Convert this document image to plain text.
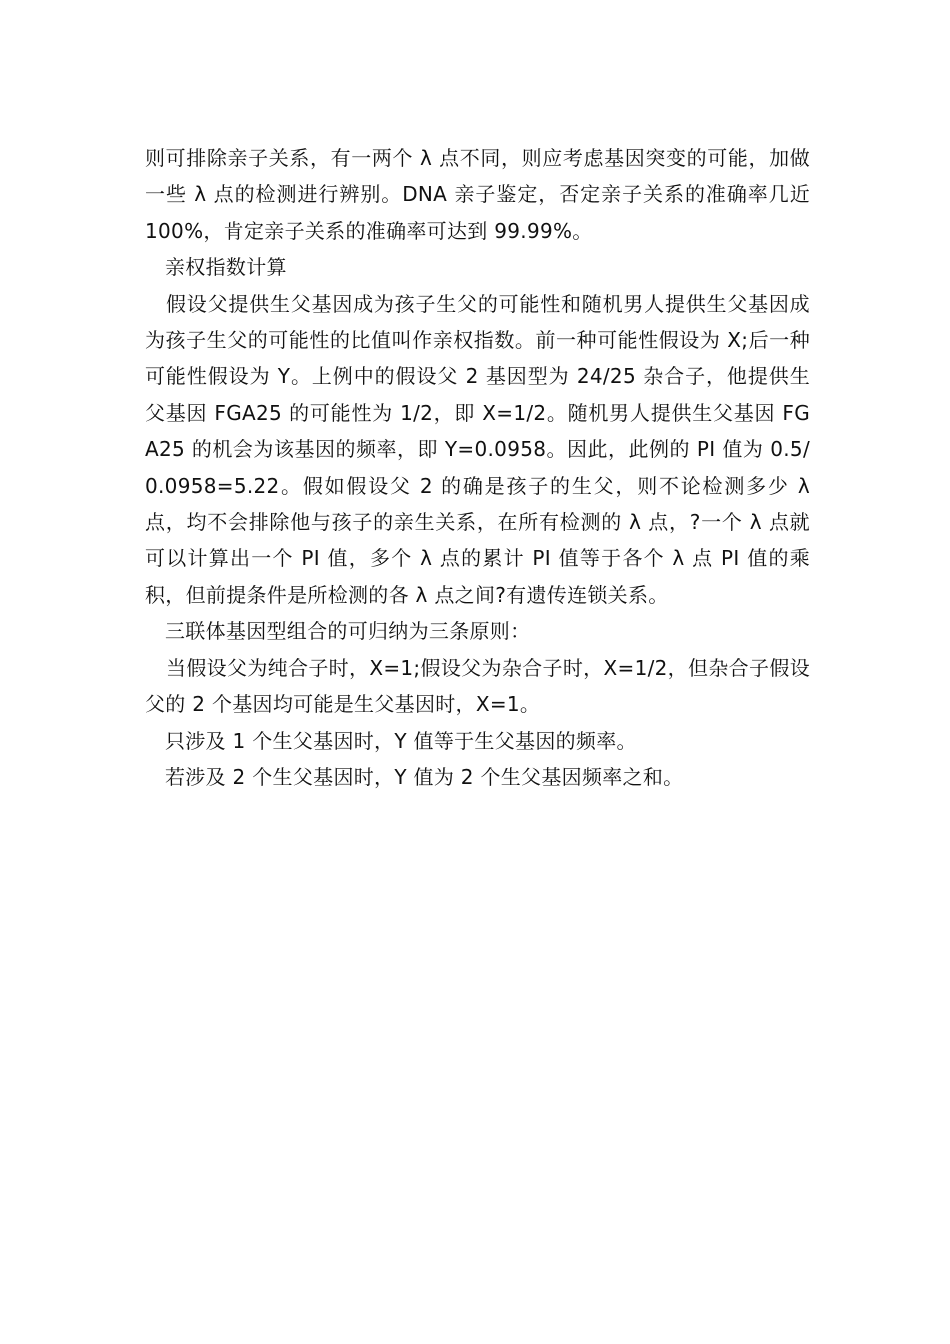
则可排除亲子关系，有一两个 λ 点不同，则应考虑基因突变的可能，加做一些 λ 点的检测进行辨别。DNA 亲子鉴定，否定亲子关系的准确率几近 100%，肯定亲子关系的准确率可达到 99.99%。

亲权指数计算

假设父提供生父基因成为孩子生父的可能性和随机男人提供生父基因成为孩子生父的可能性的比值叫作亲权指数。前一种可能性假设为 X;后一种可能性假设为 Y。上例中的假设父 2 基因型为 24/25 杂合子，他提供生父基因 FGA25 的可能性为 1/2，即 X=1/2。随机男人提供生父基因 FGA25 的机会为该基因的频率，即 Y=0.0958。因此，此例的 PI 值为 0.5/0.0958=5.22。假如假设父 2 的确是孩子的生父，则不论检测多少 λ 点，均不会排除他与孩子的亲生关系，在所有检测的 λ 点，?一个 λ 点就可以计算出一个 PI 值，多个 λ 点的累计 PI 值等于各个 λ 点 PI 值的乘积，但前提条件是所检测的各 λ 点之间?有遗传连锁关系。

三联体基因型组合的可归纳为三条原则：

当假设父为纯合子时，X=1;假设父为杂合子时，X=1/2，但杂合子假设父的 2 个基因均可能是生父基因时，X=1。

只涉及 1 个生父基因时，Y 值等于生父基因的频率。

若涉及 2 个生父基因时，Y 值为 2 个生父基因频率之和。
